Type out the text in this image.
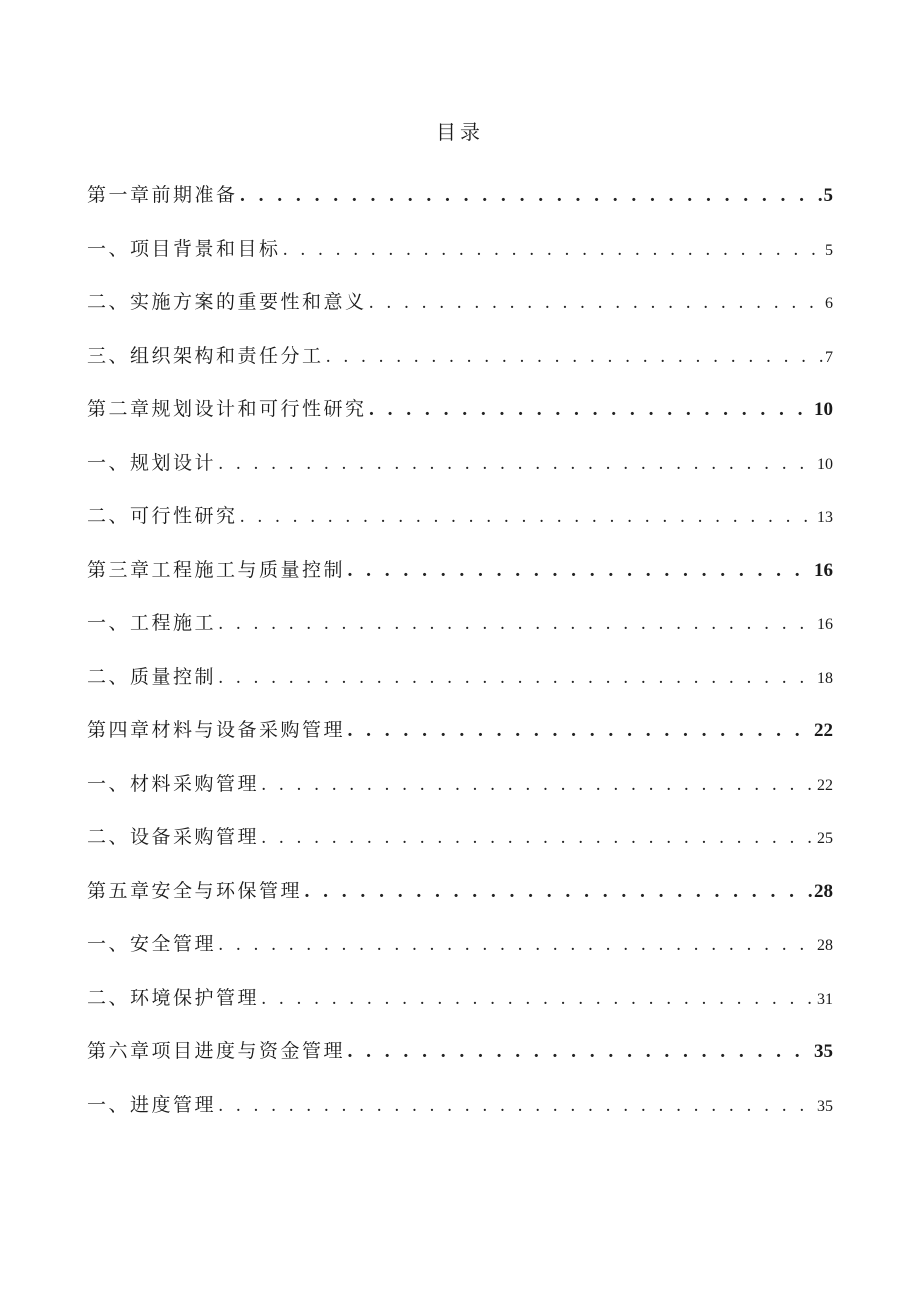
目录
第一章前期准备 . . .	5
一、项目背景和目标 . . .	5
二、实施方案的重要性和意义 . . .	6
三、组织架构和责任分工 . . .	7
第二章规划设计和可行性研究 . . .	10
一、规划设计 . . .	10
二、可行性研究 . . .	13
第三章工程施工与质量控制 . . .	16
一、工程施工 . . .	16
二、质量控制 . . .	18
第四章材料与设备采购管理 . . .	22
一、材料采购管理 . . .	22
二、设备采购管理 . . .	25
第五章安全与环保管理 . . .	28
一、安全管理 . . .	28
二、环境保护管理 . . .	31
第六章项目进度与资金管理 . . .	35
一、进度管理 . . .	35
